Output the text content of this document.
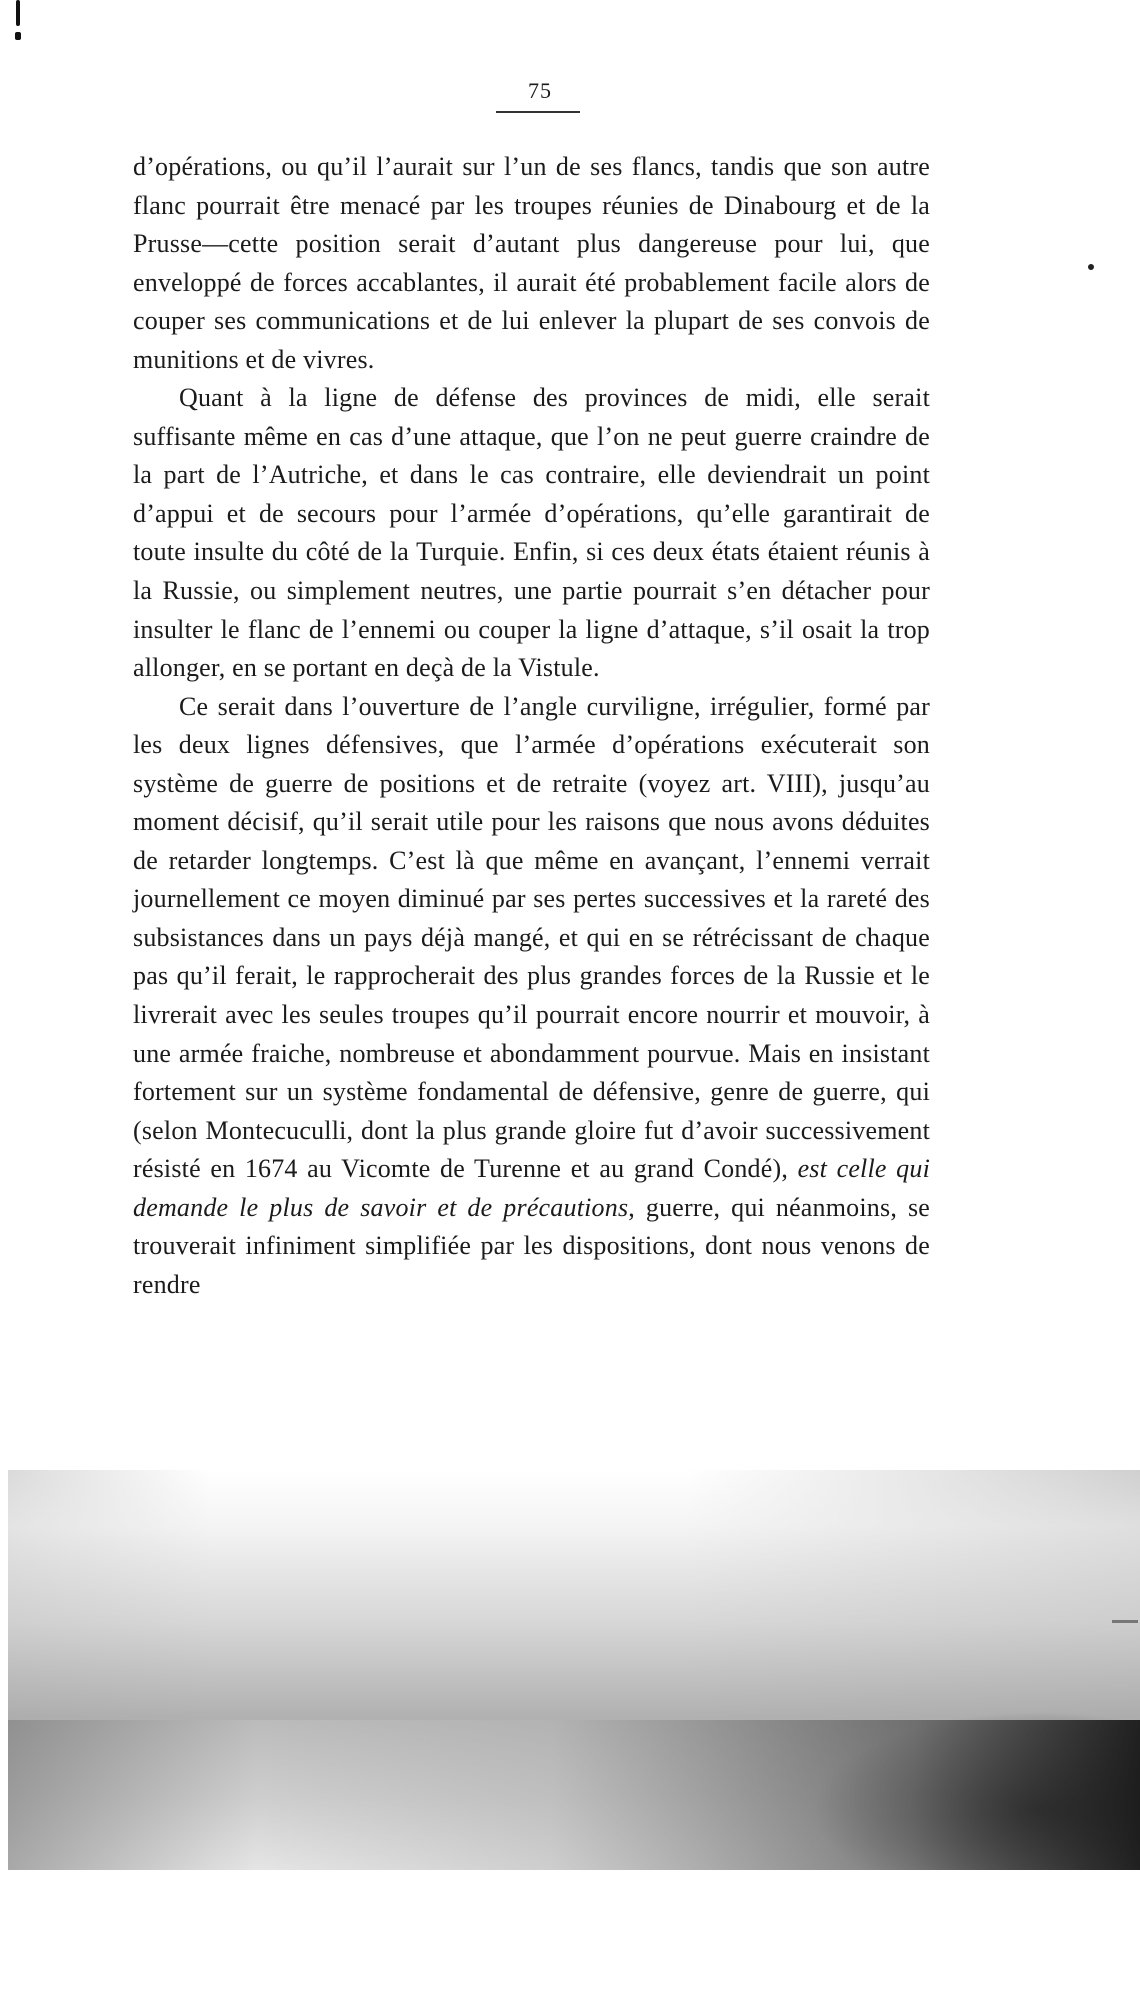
75

d’opérations, ou qu’il l’aurait sur l’un de ses flancs, tandis que son autre flanc pourrait être menacé par les troupes réunies de Dinabourg et de la Prusse—cette position serait d’autant plus dangereuse pour lui, que enveloppé de forces accablantes, il aurait été probablement facile alors de couper ses communications et de lui enlever la plupart de ses convois de munitions et de vivres.

Quant à la ligne de défense des provinces de midi, elle serait suffisante même en cas d’une attaque, que l’on ne peut guerre craindre de la part de l’Autriche, et dans le cas contraire, elle deviendrait un point d’appui et de secours pour l’armée d’opérations, qu’elle garantirait de toute insulte du côté de la Turquie. Enfin, si ces deux états étaient réunis à la Russie, ou simplement neutres, une partie pourrait s’en détacher pour insulter le flanc de l’ennemi ou couper la ligne d’attaque, s’il osait la trop allonger, en se portant en deçà de la Vistule.

Ce serait dans l’ouverture de l’angle curviligne, irrégulier, formé par les deux lignes défensives, que l’armée d’opérations exécuterait son système de guerre de positions et de retraite (voyez art. VIII), jusqu’au moment décisif, qu’il serait utile pour les raisons que nous avons déduites de retarder longtemps. C’est là que même en avançant, l’ennemi verrait journellement ce moyen diminué par ses pertes successives et la rareté des subsistances dans un pays déjà mangé, et qui en se rétrécissant de chaque pas qu’il ferait, le rapprocherait des plus grandes forces de la Russie et le livrerait avec les seules troupes qu’il pourrait encore nourrir et mouvoir, à une armée fraiche, nombreuse et abondamment pourvue. Mais en insistant fortement sur un système fondamental de défensive, genre de guerre, qui (selon Montecuculli, dont la plus grande gloire fut d’avoir successivement résisté en 1674 au Vicomte de Turenne et au grand Condé), est celle qui demande le plus de savoir et de précautions, guerre, qui néanmoins, se trouverait infiniment simplifiée par les dispositions, dont nous venons de rendre
